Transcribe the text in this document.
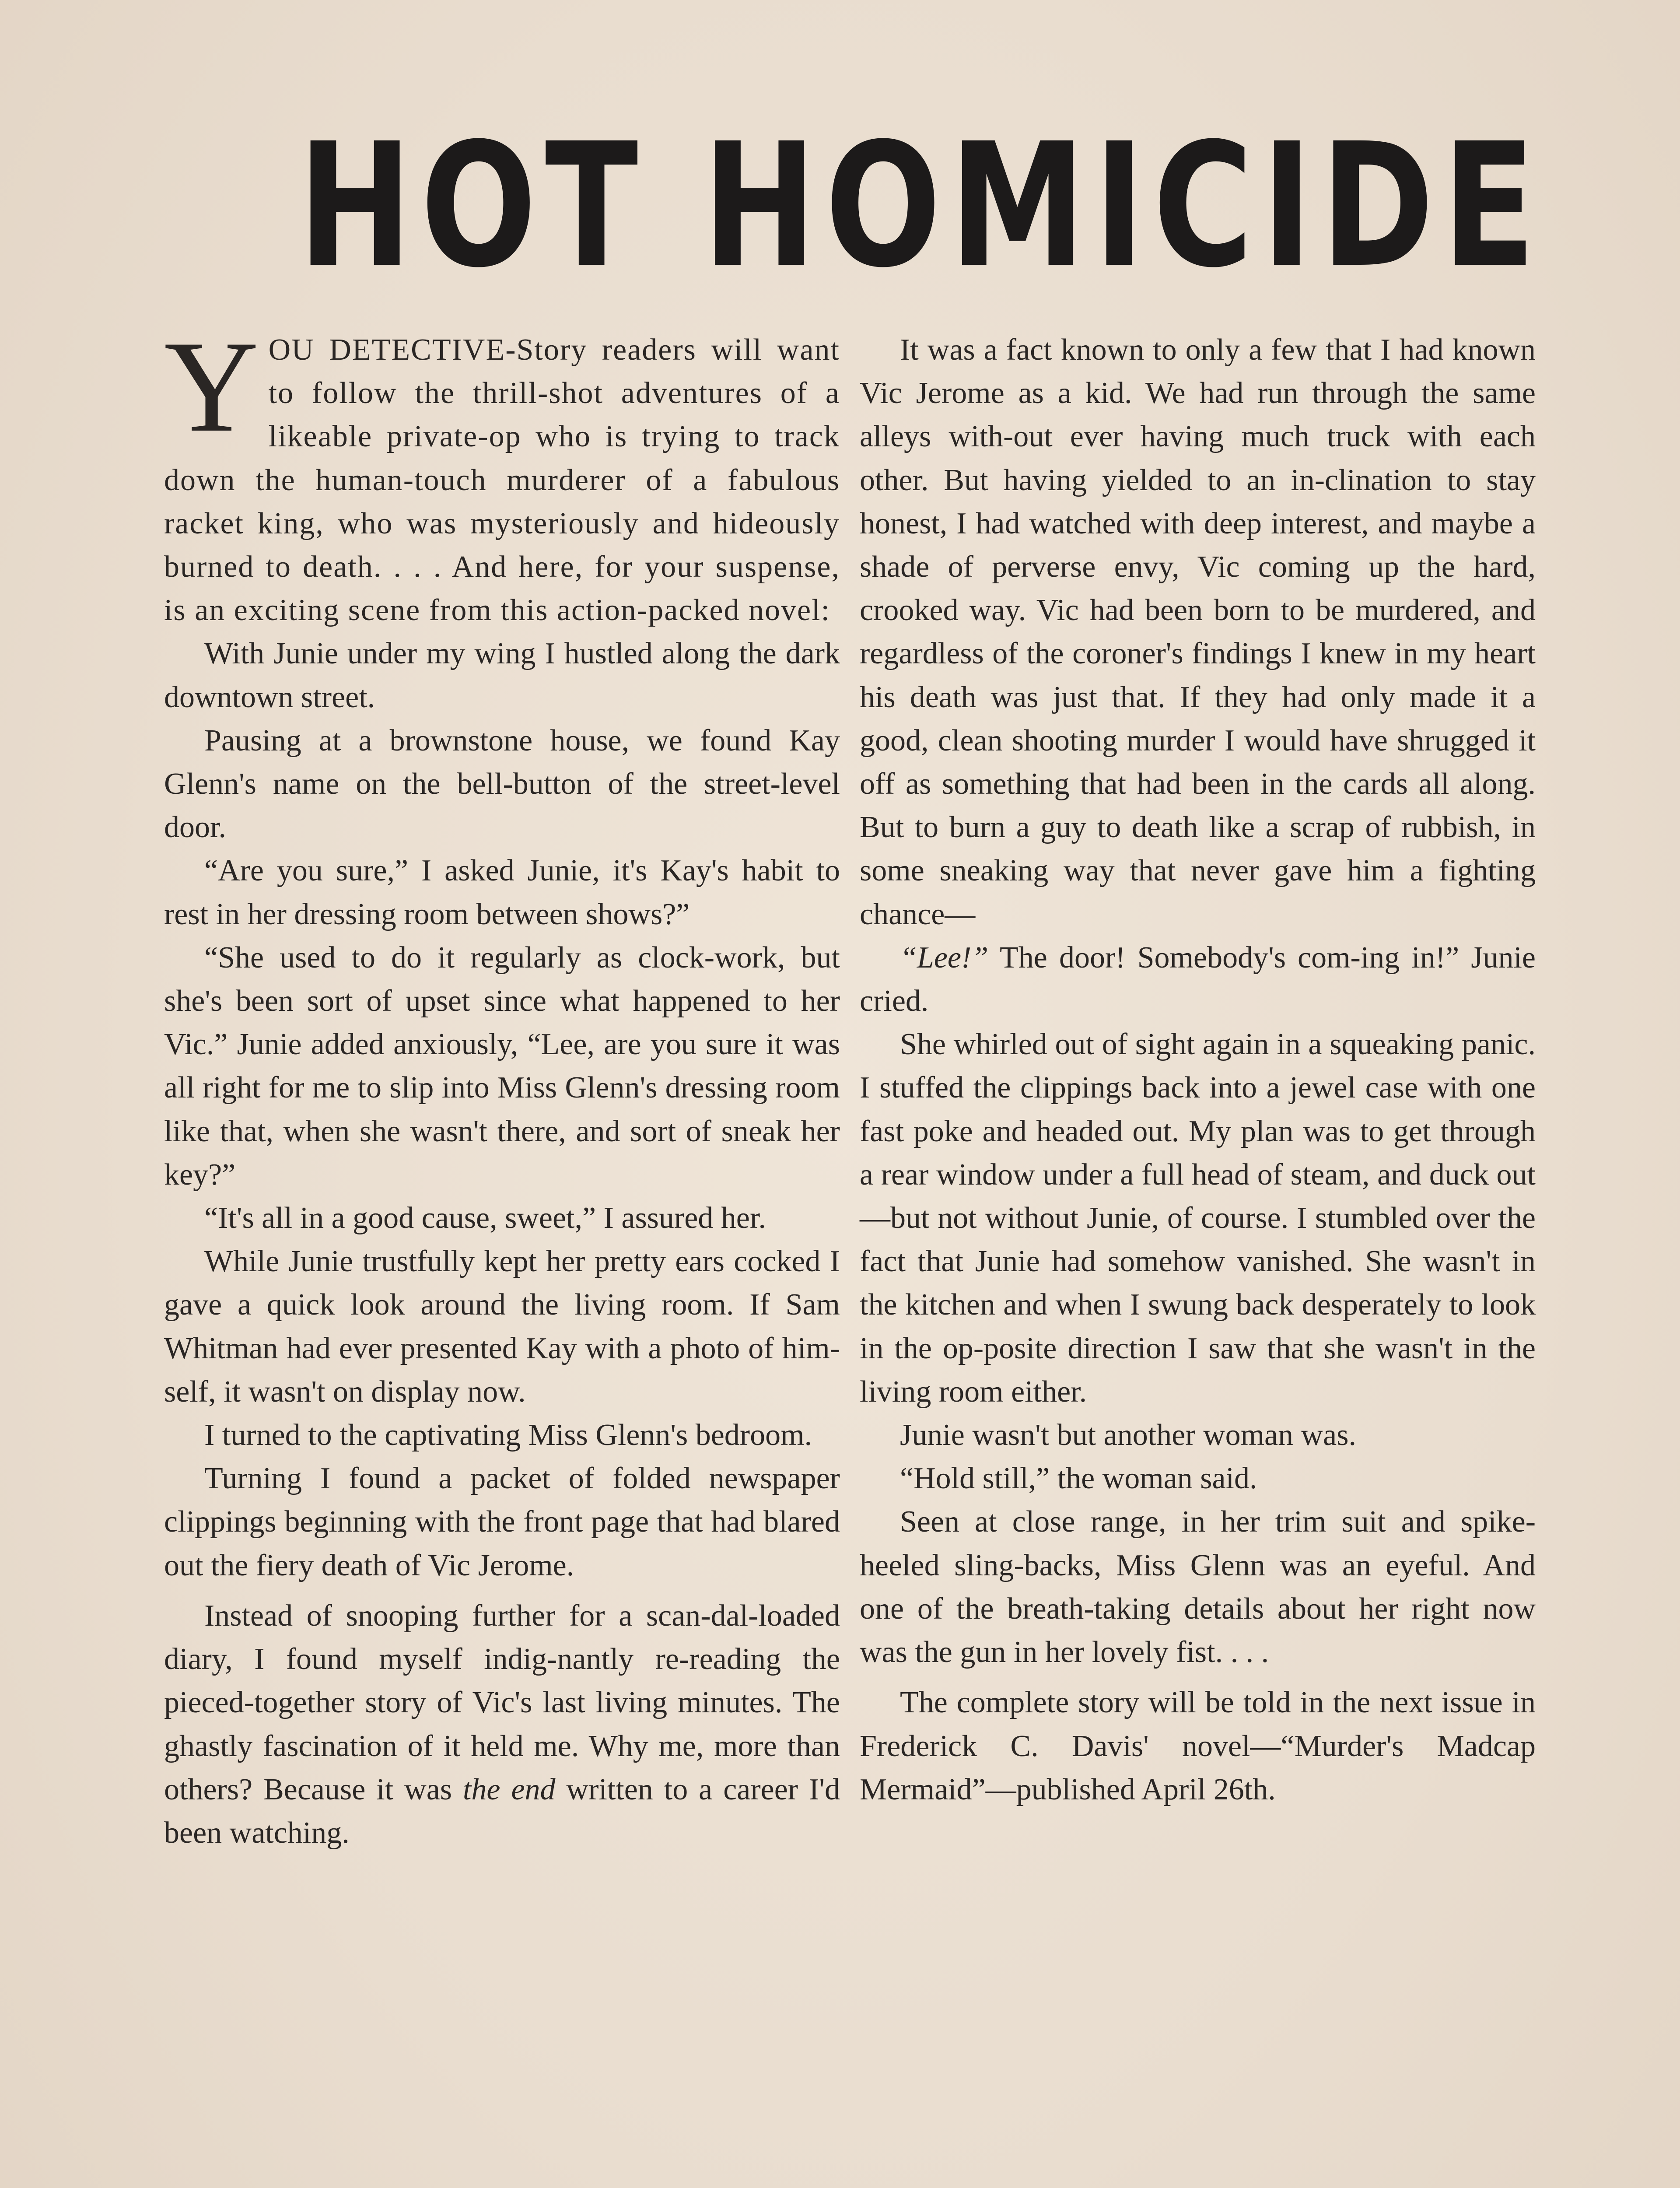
HOT HOMICIDE

YOU DETECTIVE-Story readers will want to follow the thrill-shot adventures of a likeable private-op who is trying to track down the human-touch murderer of a fabulous racket king, who was mysteriously and hideously burned to death. . . . And here, for your suspense, is an exciting scene from this action-packed novel:

With Junie under my wing I hustled along the dark downtown street.

Pausing at a brownstone house, we found Kay Glenn's name on the bell-button of the street-level door.

“Are you sure,” I asked Junie, it's Kay's habit to rest in her dressing room between shows?”

“She used to do it regularly as clock-work, but she's been sort of upset since what happened to her Vic.” Junie added anxiously, “Lee, are you sure it was all right for me to slip into Miss Glenn's dressing room like that, when she wasn't there, and sort of sneak her key?”

“It's all in a good cause, sweet,” I assured her.

While Junie trustfully kept her pretty ears cocked I gave a quick look around the living room. If Sam Whitman had ever presented Kay with a photo of him-self, it wasn't on display now.

I turned to the captivating Miss Glenn's bedroom.

Turning I found a packet of folded newspaper clippings beginning with the front page that had blared out the fiery death of Vic Jerome.

Instead of snooping further for a scan-dal-loaded diary, I found myself indig-nantly re-reading the pieced-together story of Vic's last living minutes. The ghastly fascination of it held me. Why me, more than others? Because it was the end written to a career I'd been watching.

It was a fact known to only a few that I had known Vic Jerome as a kid. We had run through the same alleys with-out ever having much truck with each other. But having yielded to an in-clination to stay honest, I had watched with deep interest, and maybe a shade of perverse envy, Vic coming up the hard, crooked way. Vic had been born to be murdered, and regardless of the coroner's findings I knew in my heart his death was just that. If they had only made it a good, clean shooting murder I would have shrugged it off as something that had been in the cards all along. But to burn a guy to death like a scrap of rubbish, in some sneaking way that never gave him a fighting chance—

“Lee!” The door! Somebody's com-ing in!” Junie cried.

She whirled out of sight again in a squeaking panic. I stuffed the clippings back into a jewel case with one fast poke and headed out. My plan was to get through a rear window under a full head of steam, and duck out—but not without Junie, of course. I stumbled over the fact that Junie had somehow vanished. She wasn't in the kitchen and when I swung back desperately to look in the op-posite direction I saw that she wasn't in the living room either.

Junie wasn't but another woman was.

“Hold still,” the woman said.

Seen at close range, in her trim suit and spike-heeled sling-backs, Miss Glenn was an eyeful. And one of the breath-taking details about her right now was the gun in her lovely fist. . . .

The complete story will be told in the next issue in Frederick C. Davis' novel—“Murder's Madcap Mermaid”—published April 26th.
